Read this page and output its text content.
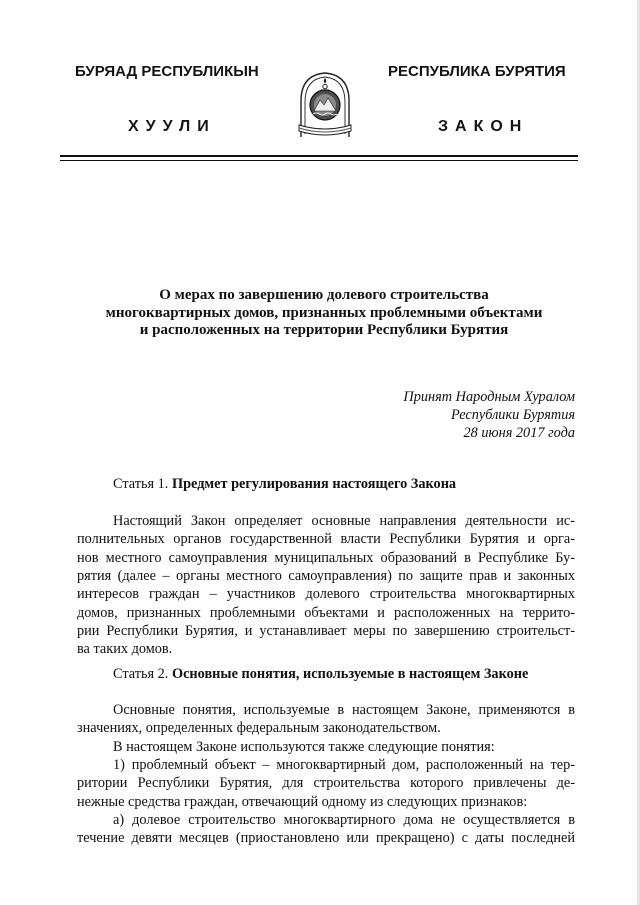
БУРЯАД РЕСПУБЛИКЫН	РЕСПУБЛИКА БУРЯТИЯ
ХУУЛИ	ЗАКОН
О мерах по завершению долевого строительства
многоквартирных домов, признанных проблемными объектами
и расположенных на территории Республики Бурятия
Принят Народным Хуралом
Республики Бурятия
28 июня 2017 года
Статья 1. Предмет регулирования настоящего Закона
Настоящий Закон определяет основные направления деятельности ис-
полнительных органов государственной власти Республики Бурятия и орга-
нов местного самоуправления муниципальных образований в Республике Бу-
рятия (далее – органы местного самоуправления) по защите прав и законных
интересов граждан – участников долевого строительства многоквартирных
домов, признанных проблемными объектами и расположенных на террито-
рии Республики Бурятия, и устанавливает меры по завершению строительст-
ва таких домов.
Статья 2. Основные понятия, используемые в настоящем Законе
Основные понятия, используемые в настоящем Законе, применяются в
значениях, определенных федеральным законодательством.
В настоящем Законе используются также следующие понятия:
1) проблемный объект – многоквартирный дом, расположенный на тер-
ритории Республики Бурятия, для строительства которого привлечены де-
нежные средства граждан, отвечающий одному из следующих признаков:
а) долевое строительство многоквартирного дома не осуществляется в
течение девяти месяцев (приостановлено или прекращено) с даты последней
